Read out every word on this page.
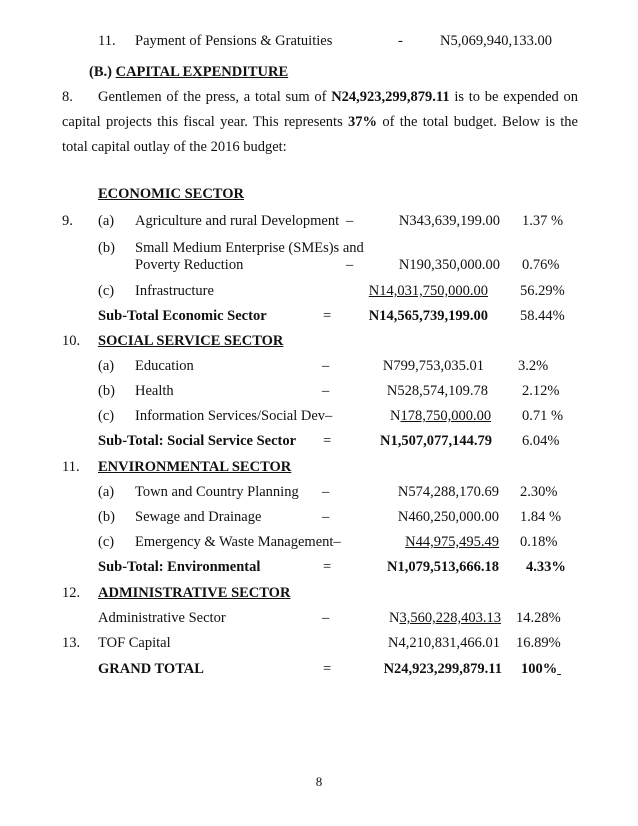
11. Payment of Pensions & Gratuities	-	N5,069,940,133.00
(B.) CAPITAL EXPENDITURE
8.	Gentlemen of the press, a total sum of N24,923,299,879.11 is to be expended on capital projects this fiscal year. This represents 37% of the total budget. Below is the total capital outlay of the 2016 budget:
ECONOMIC SECTOR
9. (a) Agriculture and rural Development –	N343,639,199.00 1.37 %
(b) Small Medium Enterprise (SMEs)s and
Poverty Reduction	–	N190,350,000.00 0.76%
(c) Infrastructure	N14,031,750,000.00 56.29%
Sub-Total Economic Sector	=	N14,565,739,199.00 58.44%
10. SOCIAL SERVICE SECTOR
(a) Education	–	N799,753,035.01 3.2%
(b) Health	–	N528,574,109.78 2.12%
(c) Information Services/Social Dev–	N178,750,000.00 0.71 %
Sub-Total: Social Service Sector =	N1,507,077,144.79 6.04%
11. ENVIRONMENTAL SECTOR
(a) Town and Country Planning –	N574,288,170.69 2.30%
(b) Sewage and Drainage	–	N460,250,000.00 1.84 %
(c) Emergency & Waste Management–	N44,975,495.49 0.18%
Sub-Total: Environmental	=	N1,079,513,666.18 4.33%
12. ADMINISTRATIVE SECTOR
Administrative Sector	–	N3,560,228,403.13 14.28%
13. TOF Capital	N4,210,831,466.01 16.89%
GRAND TOTAL	=	N24,923,299,879.11 100%
8
